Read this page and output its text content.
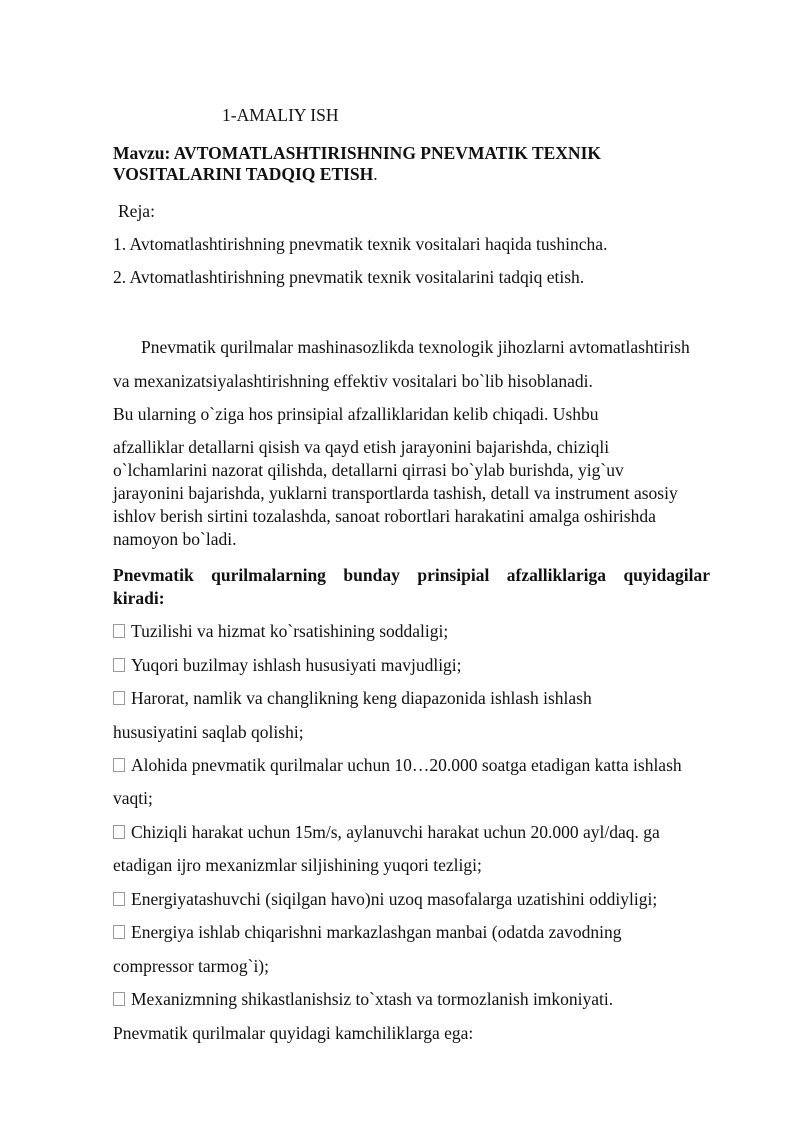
1-AMALIY ISH
Mavzu: AVTOMATLASHTIRISHNING PNEVMATIK TEXNIK
VOSITALARINI TADQIQ ETISH.
Reja:
1. Avtomatlashtirishning pnevmatik texnik vositalari haqida tushincha.
2. Avtomatlashtirishning pnevmatik texnik vositalarini tadqiq etish.
Pnevmatik qurilmalar mashinasozlikda texnologik jihozlarni avtomatlashtirish
va mexanizatsiyalashtirishning effektiv vositalari bo`lib hisoblanadi.
Bu ularning o`ziga hos prinsipial afzalliklaridan kelib chiqadi. Ushbu
afzalliklar detallarni qisish va qayd etish jarayonini bajarishda, chiziqli
o`lchamlarini nazorat qilishda, detallarni qirrasi bo`ylab burishda, yig`uv
jarayonini bajarishda, yuklarni transportlarda tashish, detall va instrument asosiy
ishlov berish sirtini tozalashda, sanoat robortlari harakatini amalga oshirishda
namoyon bo`ladi.
Pnevmatik qurilmalarning bunday prinsipial afzalliklariga quyidagilar
kiradi:
Tuzilishi va hizmat ko`rsatishining soddaligi;
Yuqori buzilmay ishlash hususiyati mavjudligi;
Harorat, namlik va changlikning keng diapazonida ishlash ishlash
hususiyatini saqlab qolishi;
Alohida pnevmatik qurilmalar uchun 10…20.000 soatga etadigan katta ishlash
vaqti;
Chiziqli harakat uchun 15m/s, aylanuvchi harakat uchun 20.000 ayl/daq. ga
etadigan ijro mexanizmlar siljishining yuqori tezligi;
Energiyatashuvchi (siqilgan havo)ni uzoq masofalarga uzatishini oddiyligi;
Energiya ishlab chiqarishni markazlashgan manbai (odatda zavodning
compressor tarmog`i);
Mexanizmning shikastlanishsiz to`xtash va tormozlanish imkoniyati.
Pnevmatik qurilmalar quyidagi kamchiliklarga ega:
